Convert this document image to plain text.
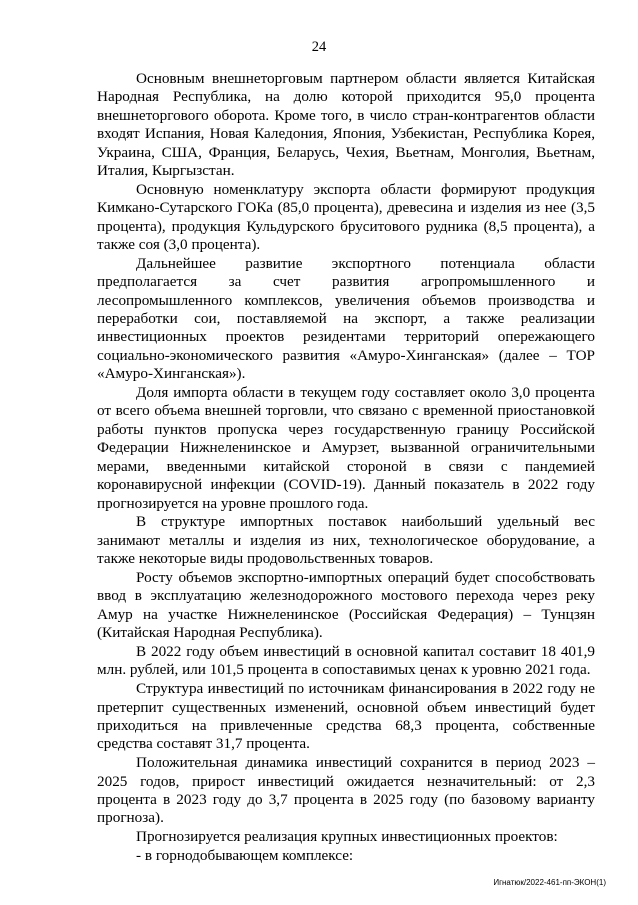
24

Основным внешнеторговым партнером области является Китайская Народная Республика, на долю которой приходится 95,0 процента внешнеторгового оборота. Кроме того, в число стран-контрагентов области входят Испания, Новая Каледония, Япония, Узбекистан, Республика Корея, Украина, США, Франция, Беларусь, Чехия, Вьетнам, Монголия, Вьетнам, Италия, Кыргызстан.

Основную номенклатуру экспорта области формируют продукция Кимкано-Сутарского ГОКа (85,0 процента), древесина и изделия из нее (3,5 процента), продукция Кульдурского бруситового рудника (8,5 процента), а также соя (3,0 процента).

Дальнейшее развитие экспортного потенциала области предполагается за счет развития агропромышленного и лесопромышленного комплексов, увеличения объемов производства и переработки сои, поставляемой на экспорт, а также реализации инвестиционных проектов резидентами территорий опережающего социально-экономического развития «Амуро-Хинганская» (далее – ТОР «Амуро-Хинганская»).

Доля импорта области в текущем году составляет около 3,0 процента от всего объема внешней торговли, что связано с временной приостановкой работы пунктов пропуска через государственную границу Российской Федерации Нижнеленинское и Амурзет, вызванной ограничительными мерами, введенными китайской стороной в связи с пандемией коронавирусной инфекции (COVID-19). Данный показатель в 2022 году прогнозируется на уровне прошлого года.

В структуре импортных поставок наибольший удельный вес занимают металлы и изделия из них, технологическое оборудование, а также некоторые виды продовольственных товаров.

Росту объемов экспортно-импортных операций будет способствовать ввод в эксплуатацию железнодорожного мостового перехода через реку Амур на участке Нижнеленинское (Российская Федерация) – Тунцзян (Китайская Народная Республика).

В 2022 году объем инвестиций в основной капитал составит 18 401,9 млн. рублей, или 101,5 процента в сопоставимых ценах к уровню 2021 года.

Структура инвестиций по источникам финансирования в 2022 году не претерпит существенных изменений, основной объем инвестиций будет приходиться на привлеченные средства 68,3 процента, собственные средства составят 31,7 процента.

Положительная динамика инвестиций сохранится в период 2023 – 2025 годов, прирост инвестиций ожидается незначительный: от 2,3 процента в 2023 году до 3,7 процента в 2025 году (по базовому варианту прогноза).

Прогнозируется реализация крупных инвестиционных проектов:

- в горнодобывающем комплексе:

Игнатюк/2022-461-пп-ЭКОН(1)
